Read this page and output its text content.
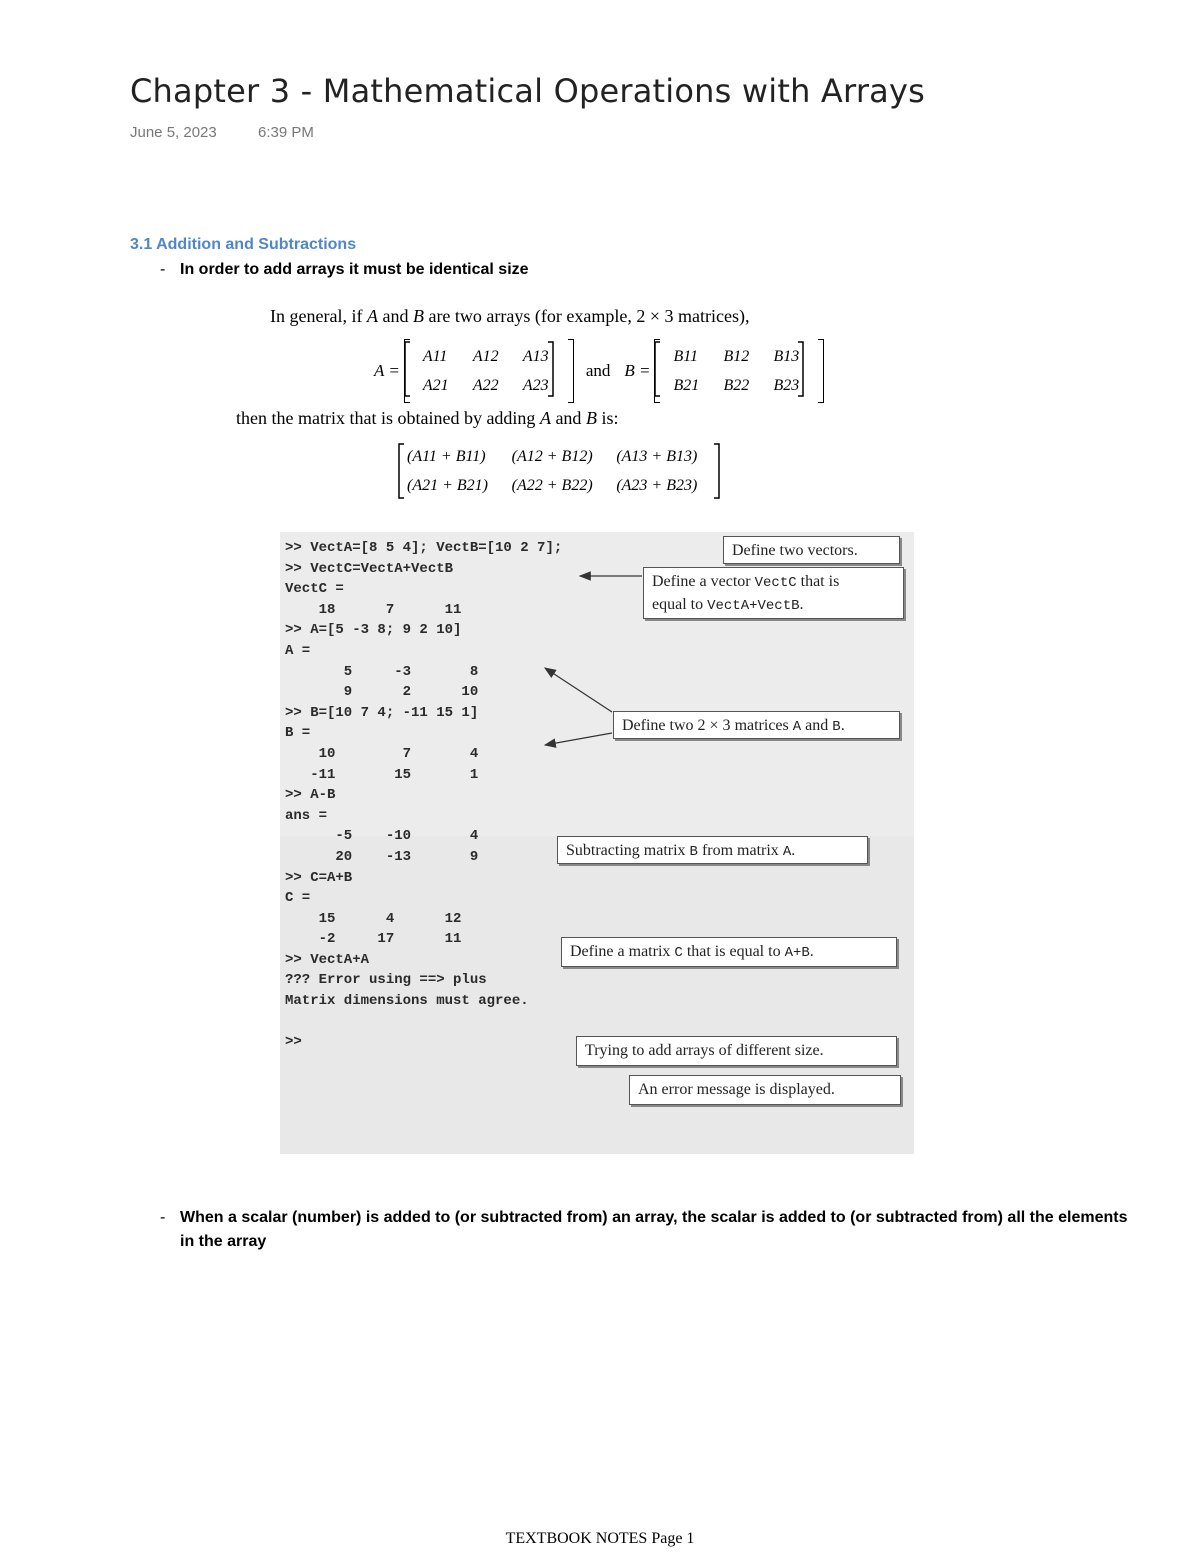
Chapter 3 - Mathematical Operations with Arrays
June 5, 2023	6:39 PM
3.1 Addition and Subtractions
- In order to add arrays it must be identical size
In general, if A and B are two arrays (for example, 2 × 3 matrices),
A =
A11	A12	A13
A21	A22	A23
and B =
B11	B12	B13
B21	B22	B23
then the matrix that is obtained by adding A and B is:
(A11 + B11)	(A12 + B12)	(A13 + B13)
(A21 + B21)	(A22 + B22)	(A23 + B23)
>> VectA=[8 5 4]; VectB=[10 2 7];
>> VectC=VectA+VectB
VectC =
18      7      11
>> A=[5 -3 8; 9 2 10]
A =
5     -3       8
9      2      10
>> B=[10 7 4; -11 15 1]
B =
10        7       4
-11       15       1
>> A-B
ans =
-5    -10       4
20    -13       9
>> C=A+B
C =
15      4      12
-2     17      11
>> VectA+A
??? Error using ==> plus
Matrix dimensions must agree.

>>
Define two vectors.
Define a vector VectC that is
equal to VectA+VectB.
Define two 2 × 3 matrices A and B.
Subtracting matrix B from matrix A.
Define a matrix C that is equal to A+B.
Trying to add arrays of different size.
An error message is displayed.
- When a scalar (number) is added to (or subtracted from) an array, the scalar is added to (or subtracted from) all the elements in the array
TEXTBOOK NOTES Page 1
